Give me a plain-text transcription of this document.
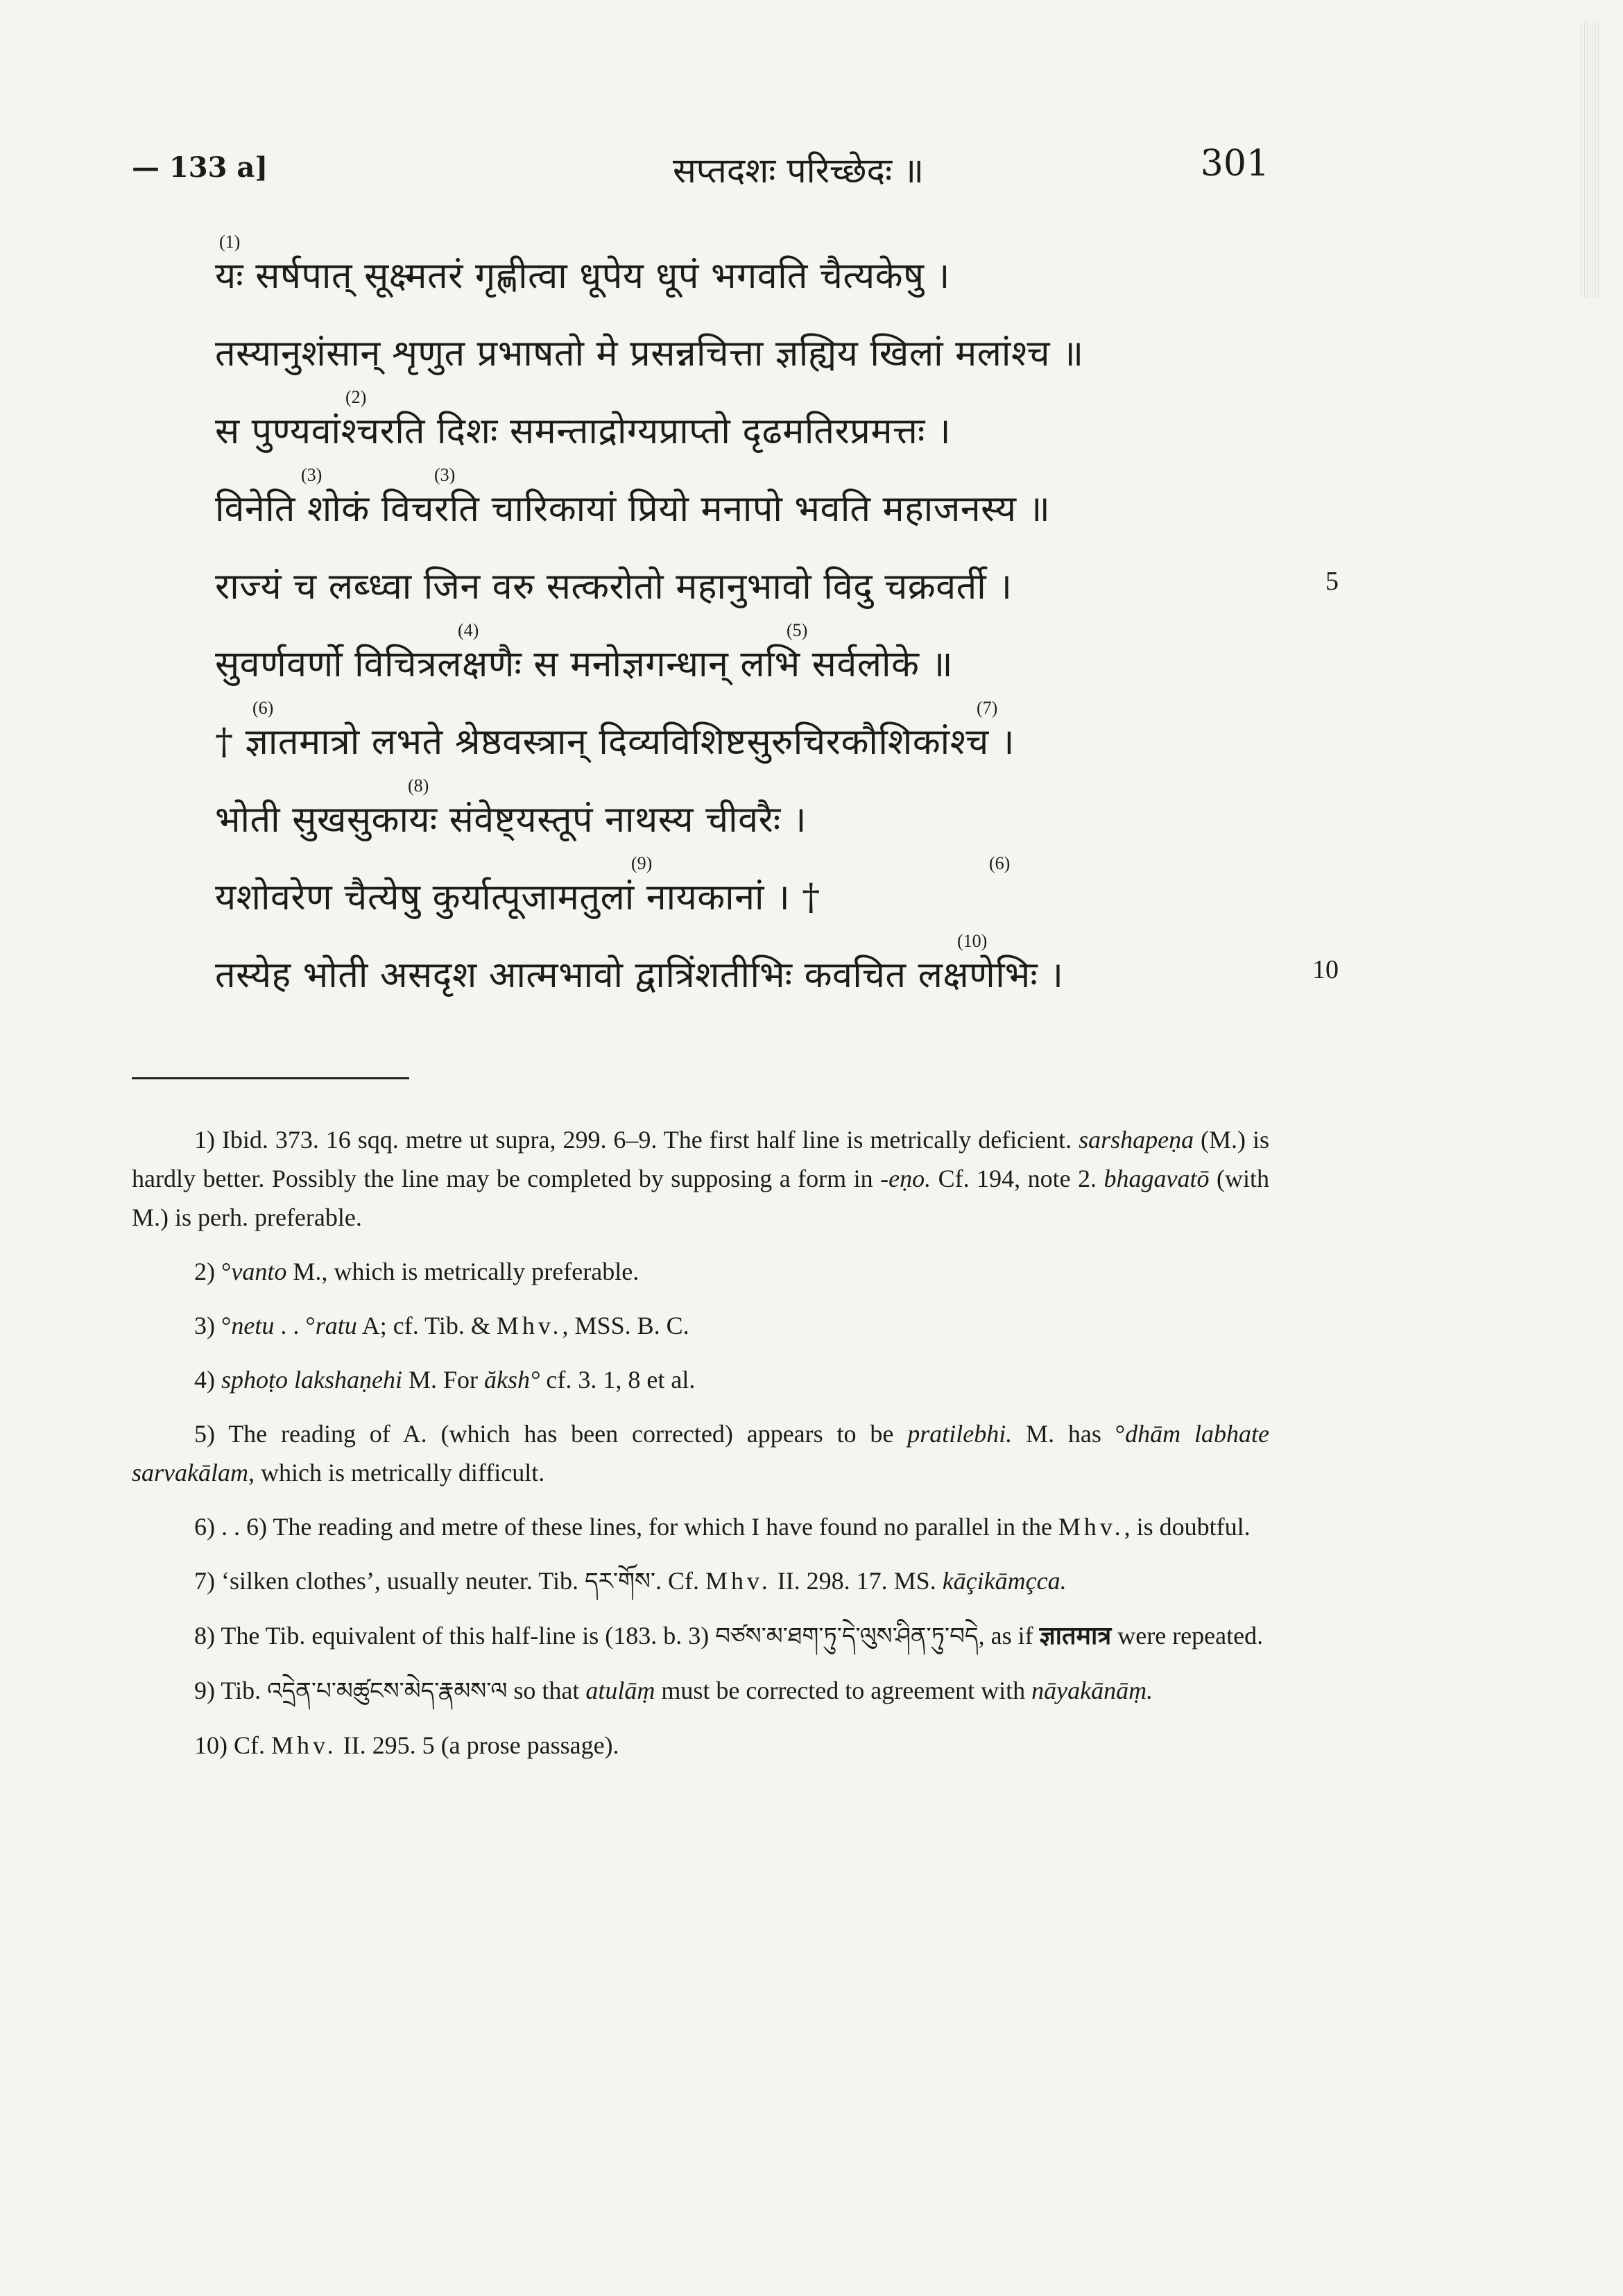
— 133 a]	सप्तदशः परिच्छेदः ॥	301
(1)
यः सर्षपात् सूक्ष्मतरं गृह्णीत्वा धूपेय धूपं भगवति चैत्यकेषु ।
तस्यानुशंसान् शृणुत प्रभाषतो मे प्रसन्नचित्ता ज्ञह्यिय खिलां मलांश्च ॥
(2)
स पुण्यवांश्चरति दिशः समन्ताद्रोग्यप्राप्तो दृढमतिरप्रमत्तः ।
(3)	(3)
विनेति शोकं विचरति चारिकायां प्रियो मनापो भवति महाजनस्य ॥
राज्यं च लब्ध्वा जिन वरु सत्करोतो महानुभावो विदु चक्रवर्ती ।	5
(4)	(5)
सुवर्णवर्णो विचित्रलक्षणैः स मनोज्ञगन्धान् लभि सर्वलोके ॥
(6)	(7)
† ज्ञातमात्रो लभते श्रेष्ठवस्त्रान् दिव्यविशिष्टसुरुचिरकौशिकांश्च ।
(8)
भोती सुखसुकायः संवेष्ट्यस्तूपं नाथस्य चीवरैः ।
(9)	(6)
यशोवरेण चैत्येषु कुर्यात्पूजामतुलां नायकानां । †
(10)
तस्येह भोती असदृश आत्मभावो द्वात्रिंशतीभिः कवचित लक्षणेभिः ।	10

1) Ibid. 373. 16 sqq. metre ut supra, 299. 6–9. The first half line is metrically deficient. sarshapeṇa (M.) is hardly better. Possibly the line may be completed by supposing a form in -eṇo. Cf. 194, note 2. bhagavatō (with M.) is perh. preferable.

2) °vanto M., which is metrically preferable.

3) °netu . . °ratu A; cf. Tib. & Mhv., MSS. B. C.

4) sphoṭo lakshaṇehi M. For ăksh° cf. 3. 1, 8 et al.

5) The reading of A. (which has been corrected) appears to be pratilebhi. M. has °dhām labhate sarvakālam, which is metrically difficult.

6) . . 6) The reading and metre of these lines, for which I have found no parallel in the Mhv., is doubtful.

7) ‘silken clothes’, usually neuter. Tib. དར་གོས་. Cf. Mhv. II. 298. 17. MS. kāçikāmçca.

8) The Tib. equivalent of this half-line is (183. b. 3) བཙས་མ་ཐག་ཏུ་དེ་ལུས་ཤིན་ཏུ་བདེ, as if ज्ञातमात्र were repeated.

9) Tib. འདྲེན་པ་མཚུངས་མེད་རྣམས་ལ so that atulāṃ must be corrected to agreement with nāyakānāṃ.

10) Cf. Mhv. II. 295. 5 (a prose passage).
